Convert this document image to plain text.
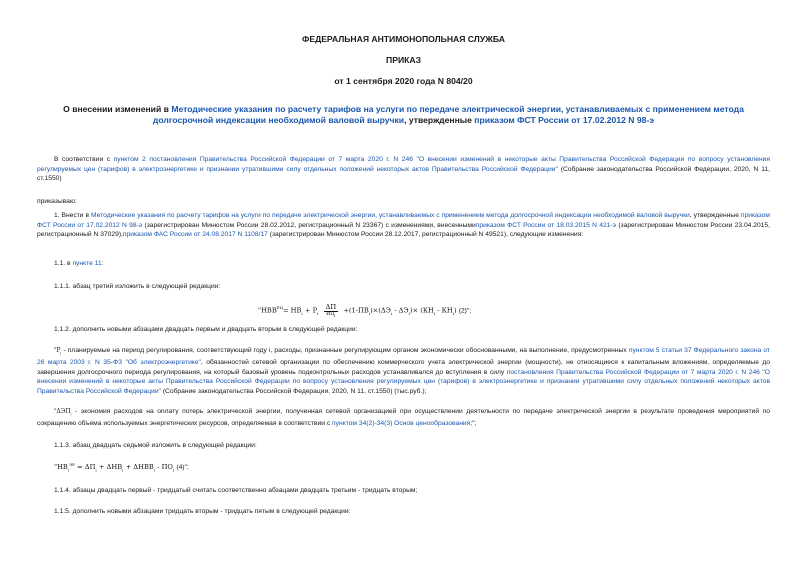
ФЕДЕРАЛЬНАЯ АНТИМОНОПОЛЬНАЯ СЛУЖБА
ПРИКАЗ
от 1 сентября 2020 года N 804/20
О внесении изменений в Методические указания по расчету тарифов на услуги по передаче электрической энергии, устанавливаемых с применением метода долгосрочной индексации необходимой валовой выручки, утвержденные приказом ФСТ России от 17.02.2012 N 98-э
В соответствии с пунктом 2 постановления Правительства Российской Федерации от 7 марта 2020 г. N 246 "О внесении изменений в некоторые акты Правительства Российской Федерации по вопросу установления регулируемых цен (тарифов) в электроэнергетике и признании утратившими силу отдельных положений некоторых актов Правительства Российской Федерации" (Собрание законодательства Российской Федерации, 2020, N 11, ст.1550)
приказываю:
1. Внести в Методические указания по расчету тарифов на услуги по передаче электрической энергии, устанавливаемых с применением метода долгосрочной индексации необходимой валовой выручки, утвержденные приказом ФСТ России от 17.02.2012 N 98-э (зарегистрирован Минюстом России 28.02.2012, регистрационный N 23367) с изменениями, внесеннымиприказом ФСТ России от 18.03.2015 N 421-э (зарегистрирован Минюстом России 23.04.2015, регистрационный N 37029),приказом ФАС России от 24.08.2017 N 1108/17 (зарегистрирован Минюстом России 28.12.2017, регистрационный N 49521), следующие изменения:
1.1. в пункте 11:
1.1.1. абзац третий изложить в следующей редакции:
"$НВВ^{РЦ}= НВ_i + Р_i$
ΔП
$ИЦ_i$
$+(1-ПВ_i)\times(\Delta Э_i - \Delta Э_i)\times (КН_i - КН_i)$ (2)";
1.1.2. дополнить новыми абзацами двадцать первым и двадцать вторым в следующей редакции:
"$Р_i$ - планируемые на период регулирования, соответствующий году i, расходы, признанные регулирующим органом экономически обоснованными, на выполнение, предусмотренных пунктом 5 статьи 37 Федерального закона от 26 марта 2003 г. N 35-ФЗ "Об электроэнергетике", обязанностей сетевой организации по обеспечению коммерческого учета электрической энергии (мощности), не относящиеся к капитальным вложениям, определяемые до завершения долгосрочного периода регулирования, на который базовый уровень подконтрольных расходов устанавливался до вступления в силу постановления Правительства Российской Федерации от 7 марта 2020 г. N 246 "О внесении изменений в некоторые акты Правительства Российской Федерации по вопросу установления регулируемых цен (тарифов) в электроэнергетике и признании утратившими силу отдельных положений некоторых актов Правительства Российской Федерации" (Собрание законодательства Российской Федерации, 2020, N 11, ст.1550) (тыс.руб.);
"$\Delta ЭП_i$ - экономия расходов на оплату потерь электрической энергии, полученная сетевой организацией при осуществлении деятельности по передаче электрической энергии в результате проведения мероприятий по сокращению объема используемых энергетических ресурсов, определяемая в соответствии с пунктом 34(2)-34(3) Основ ценообразования;";
1.1.3. абзац двадцать седьмой изложить в следующей редакции:
"$НВ_i^{ЭР} = \Delta П_i + \Delta НВ_i + \Delta НВВ_i - \Pi О_i$ (4)";
1.1.4. абзацы двадцать первый - тридцатый считать соответственно абзацами двадцать третьим - тридцать вторым;
1.1.5. дополнить новыми абзацами тридцать вторым - тридцать пятым в следующей редакции:
